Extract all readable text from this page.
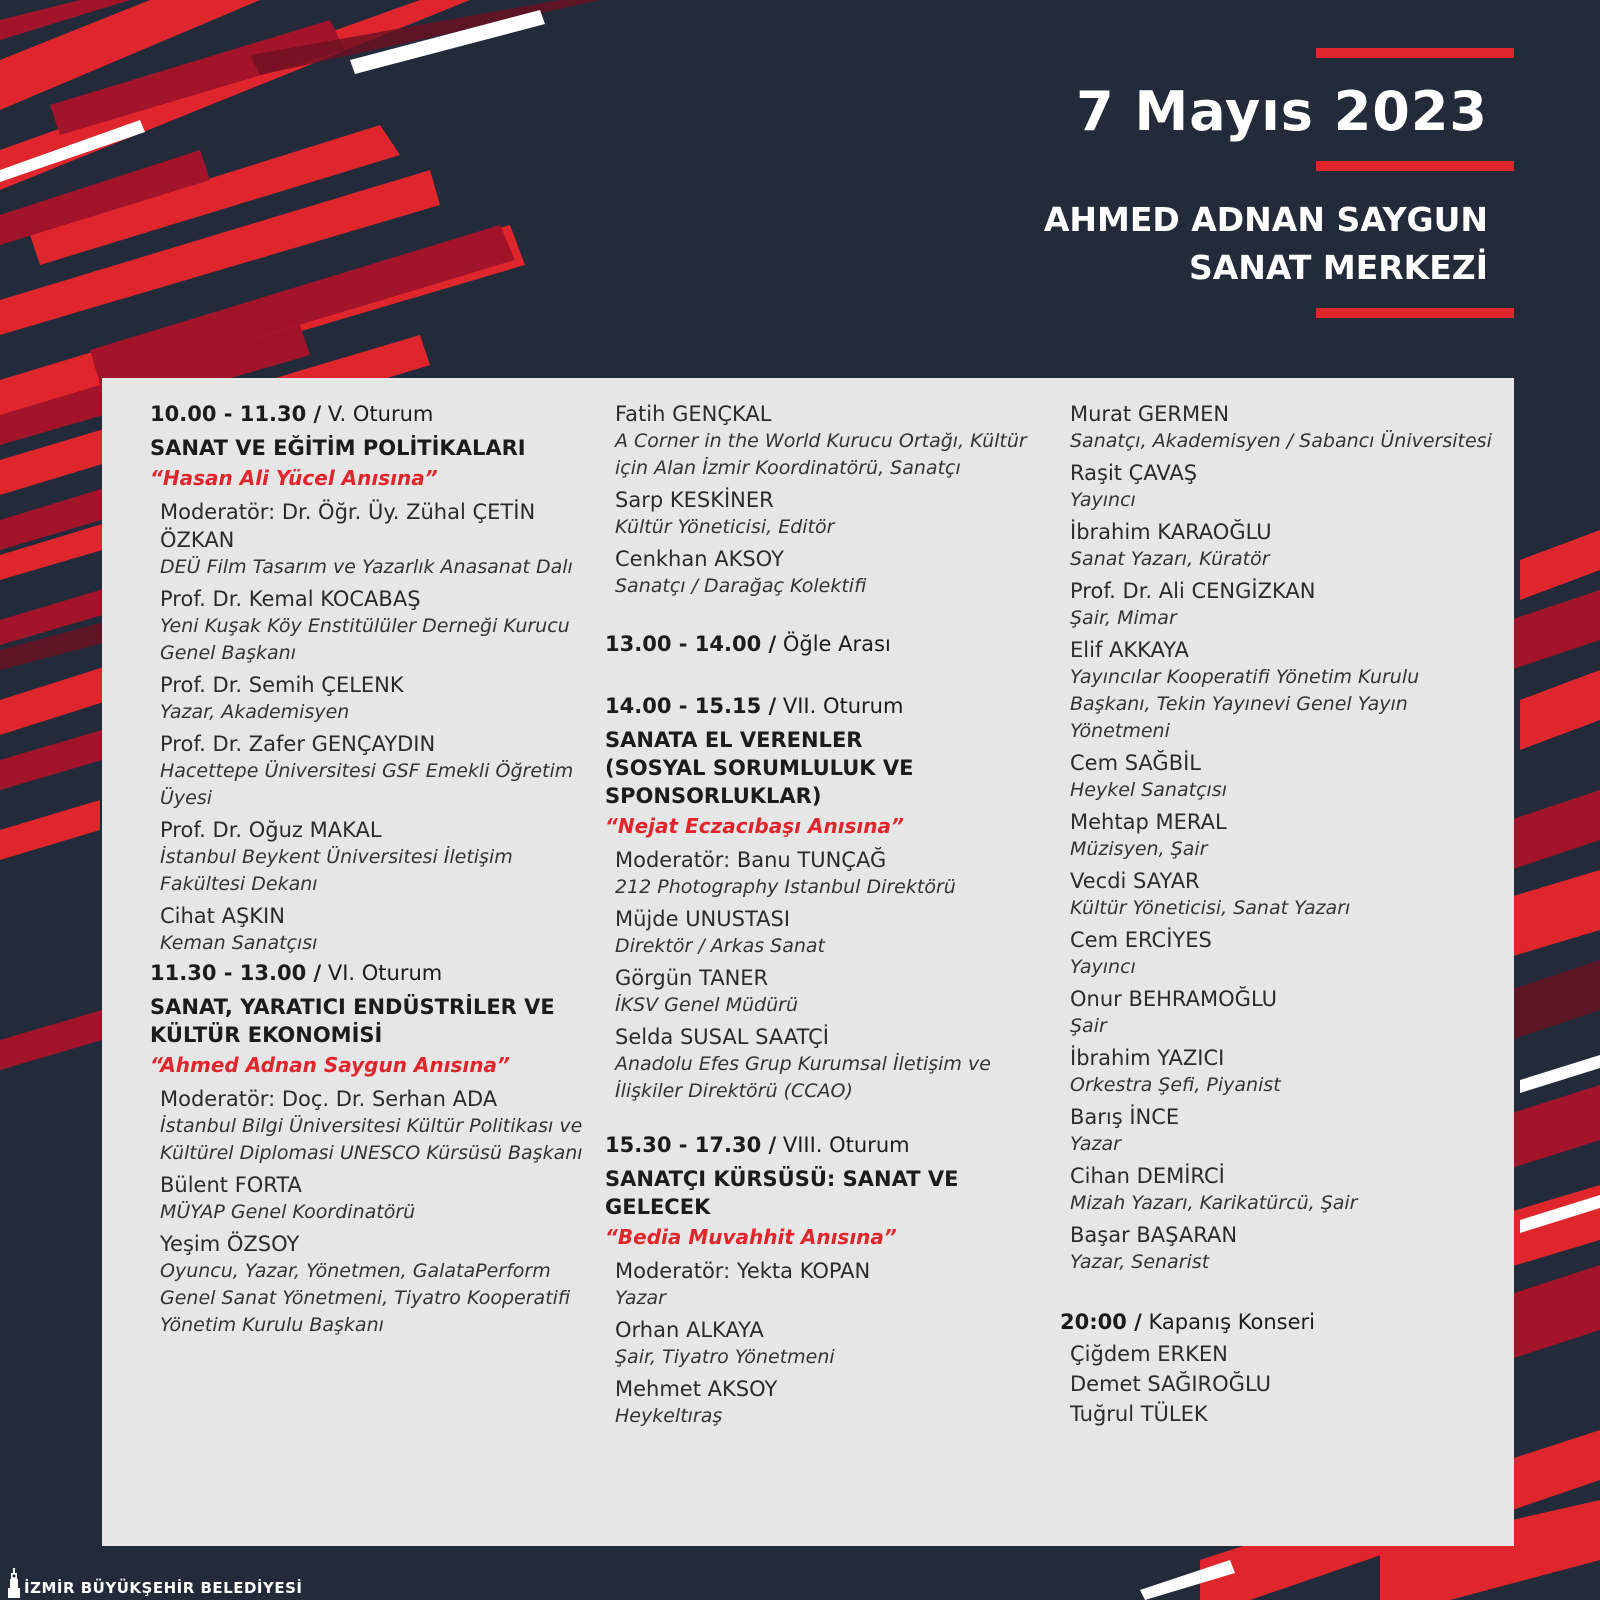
7 Mayıs 2023
AHMED ADNAN SAYGUN
SANAT MERKEZİ
10.00 - 11.30 / V. Oturum
SANAT VE EĞİTİM POLİTİKALARI
“Hasan Ali Yücel Anısına”
Moderatör: Dr. Öğr. Üy. Zühal ÇETİN ÖZKAN
DEÜ Film Tasarım ve Yazarlık Anasanat Dalı
Prof. Dr. Kemal KOCABAŞ
Yeni Kuşak Köy Enstitülüler Derneği Kurucu Genel Başkanı
Prof. Dr. Semih ÇELENK
Yazar, Akademisyen
Prof. Dr. Zafer GENÇAYDIN
Hacettepe Üniversitesi GSF Emekli Öğretim Üyesi
Prof. Dr. Oğuz MAKAL
İstanbul Beykent Üniversitesi İletişim Fakültesi Dekanı
Cihat AŞKIN
Keman Sanatçısı
11.30 - 13.00 / VI. Oturum
SANAT, YARATICI ENDÜSTRİLER VE KÜLTÜR EKONOMİSİ
“Ahmed Adnan Saygun Anısına”
Moderatör: Doç. Dr. Serhan ADA
İstanbul Bilgi Üniversitesi Kültür Politikası ve Kültürel Diplomasi UNESCO Kürsüsü Başkanı
Bülent FORTA
MÜYAP Genel Koordinatörü
Yeşim ÖZSOY
Oyuncu, Yazar, Yönetmen, GalataPerform Genel Sanat Yönetmeni, Tiyatro Kooperatifi Yönetim Kurulu Başkanı
Fatih GENÇKAL
A Corner in the World Kurucu Ortağı, Kültür için Alan İzmir Koordinatörü, Sanatçı
Sarp KESKİNER
Kültür Yöneticisi, Editör
Cenkhan AKSOY
Sanatçı / Darağaç Kolektifi
13.00 - 14.00 / Öğle Arası
14.00 - 15.15 / VII. Oturum
SANATA EL VERENLER (SOSYAL SORUMLULUK VE SPONSORLUKLAR)
“Nejat Eczacıbaşı Anısına”
Moderatör: Banu TUNÇAĞ
212 Photography Istanbul Direktörü
Müjde UNUSTASI
Direktör / Arkas Sanat
Görgün TANER
İKSV Genel Müdürü
Selda SUSAL SAATÇİ
Anadolu Efes Grup Kurumsal İletişim ve İlişkiler Direktörü (CCAO)
15.30 - 17.30 / VIII. Oturum
SANATÇI KÜRSÜSÜ: SANAT VE GELECEK
“Bedia Muvahhit Anısına”
Moderatör: Yekta KOPAN
Yazar
Orhan ALKAYA
Şair, Tiyatro Yönetmeni
Mehmet AKSOY
Heykeltıraş
Murat GERMEN
Sanatçı, Akademisyen / Sabancı Üniversitesi
Raşit ÇAVAŞ
Yayıncı
İbrahim KARAOĞLU
Sanat Yazarı, Küratör
Prof. Dr. Ali CENGİZKAN
Şair, Mimar
Elif AKKAYA
Yayıncılar Kooperatifi Yönetim Kurulu Başkanı, Tekin Yayınevi Genel Yayın Yönetmeni
Cem SAĞBİL
Heykel Sanatçısı
Mehtap MERAL
Müzisyen, Şair
Vecdi SAYAR
Kültür Yöneticisi, Sanat Yazarı
Cem ERCİYES
Yayıncı
Onur BEHRAMOĞLU
Şair
İbrahim YAZICI
Orkestra Şefi, Piyanist
Barış İNCE
Yazar
Cihan DEMİRCİ
Mizah Yazarı, Karikatürcü, Şair
Başar BAŞARAN
Yazar, Senarist
20:00 / Kapanış Konseri
Çiğdem ERKEN
Demet SAĞIROĞLU
Tuğrul TÜLEK
İZMİR BÜYÜKŞEHİR BELEDİYESİ
